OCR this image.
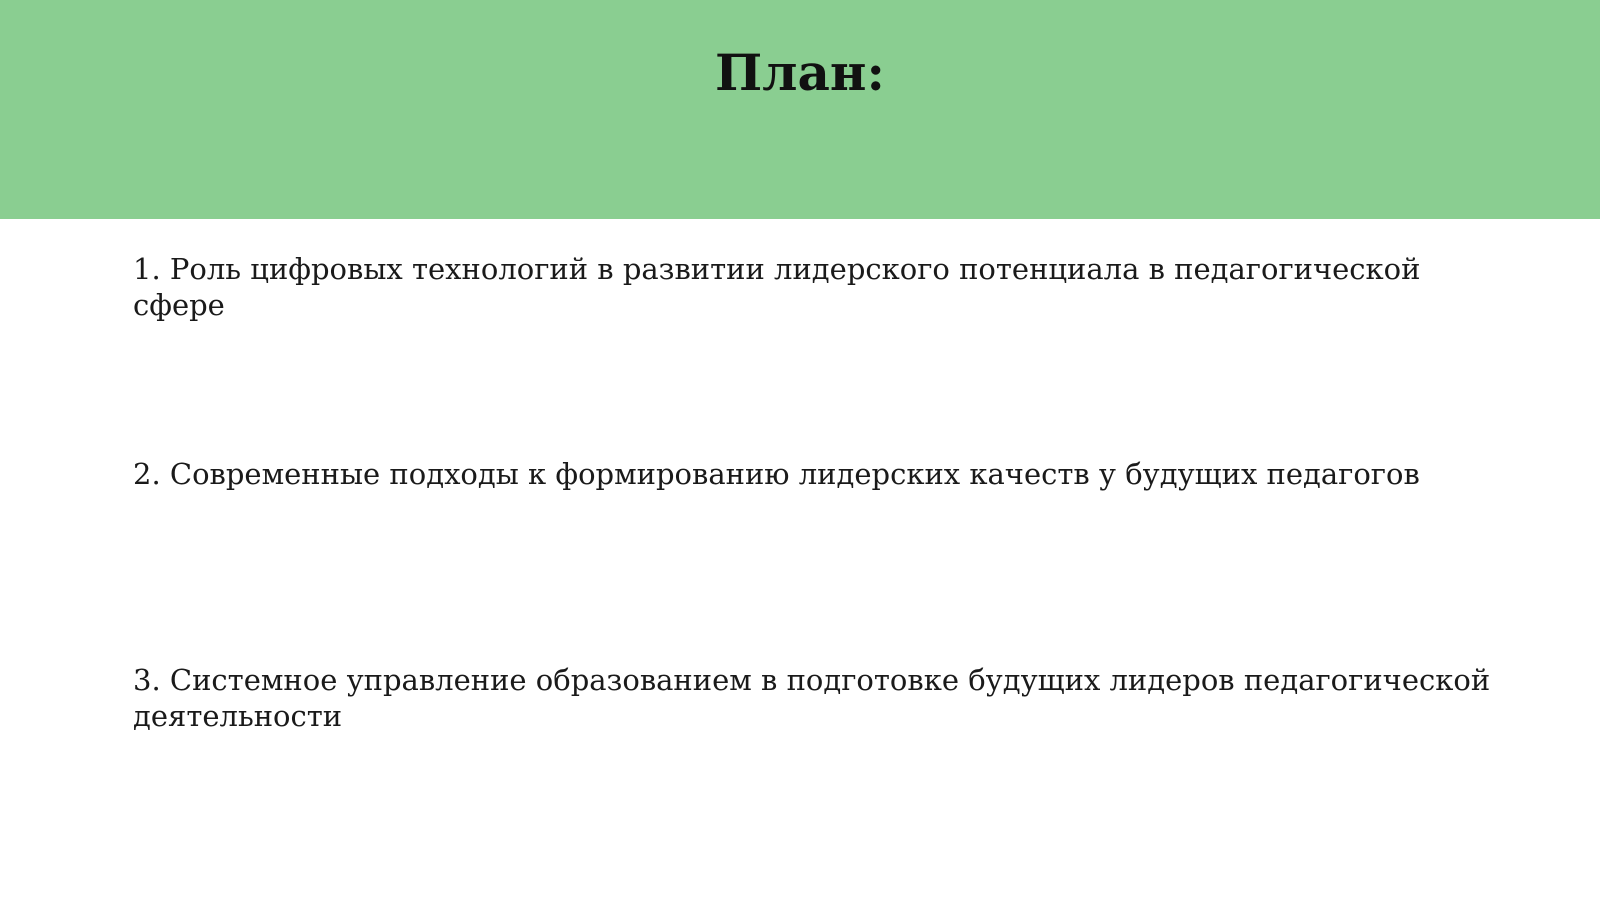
План:

1. Роль цифровых технологий в развитии лидерского потенциала в педагогической сфере

2. Современные подходы к формированию лидерских качеств у будущих педагогов

3. Системное управление образованием в подготовке будущих лидеров педагогической деятельности
